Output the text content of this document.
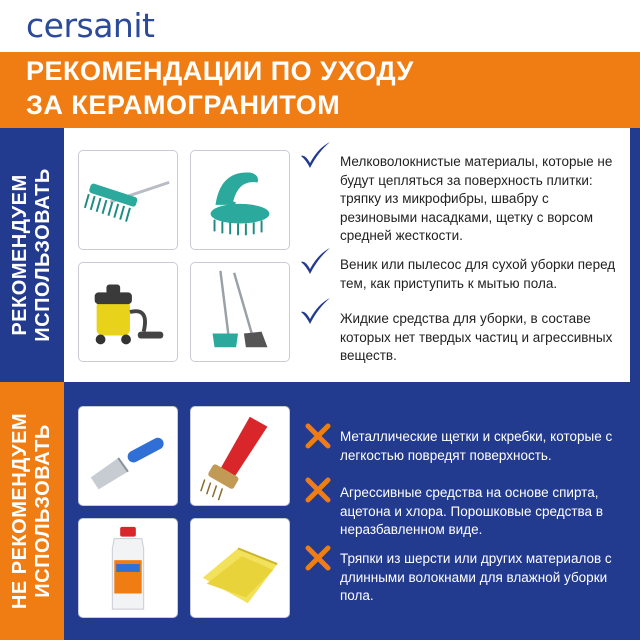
cersanit
РЕКОМЕНДАЦИИ ПО УХОДУ
ЗА КЕРАМОГРАНИТОМ
РЕКОМЕНДУЕМ ИСПОЛЬЗОВАТЬ
Мелковолокнистые материалы, которые не будут цепляться за поверхность плитки: тряпку из микрофибры, швабру с резиновыми насадками, щетку с ворсом средней жесткости.
Веник или пылесос для сухой уборки перед тем, как приступить к мытью пола.
Жидкие средства для уборки, в составе которых нет твердых частиц и агрессивных веществ.
НЕ РЕКОМЕНДУЕМ ИСПОЛЬЗОВАТЬ	Металлические щетки и скребки, которые с легкостью повредят поверхность.
Агрессивные средства на основе спирта, ацетона и хлора. Порошковые средства в неразбавленном виде.
Тряпки из шерсти или других материалов с длинными волокнами для влажной уборки пола.
